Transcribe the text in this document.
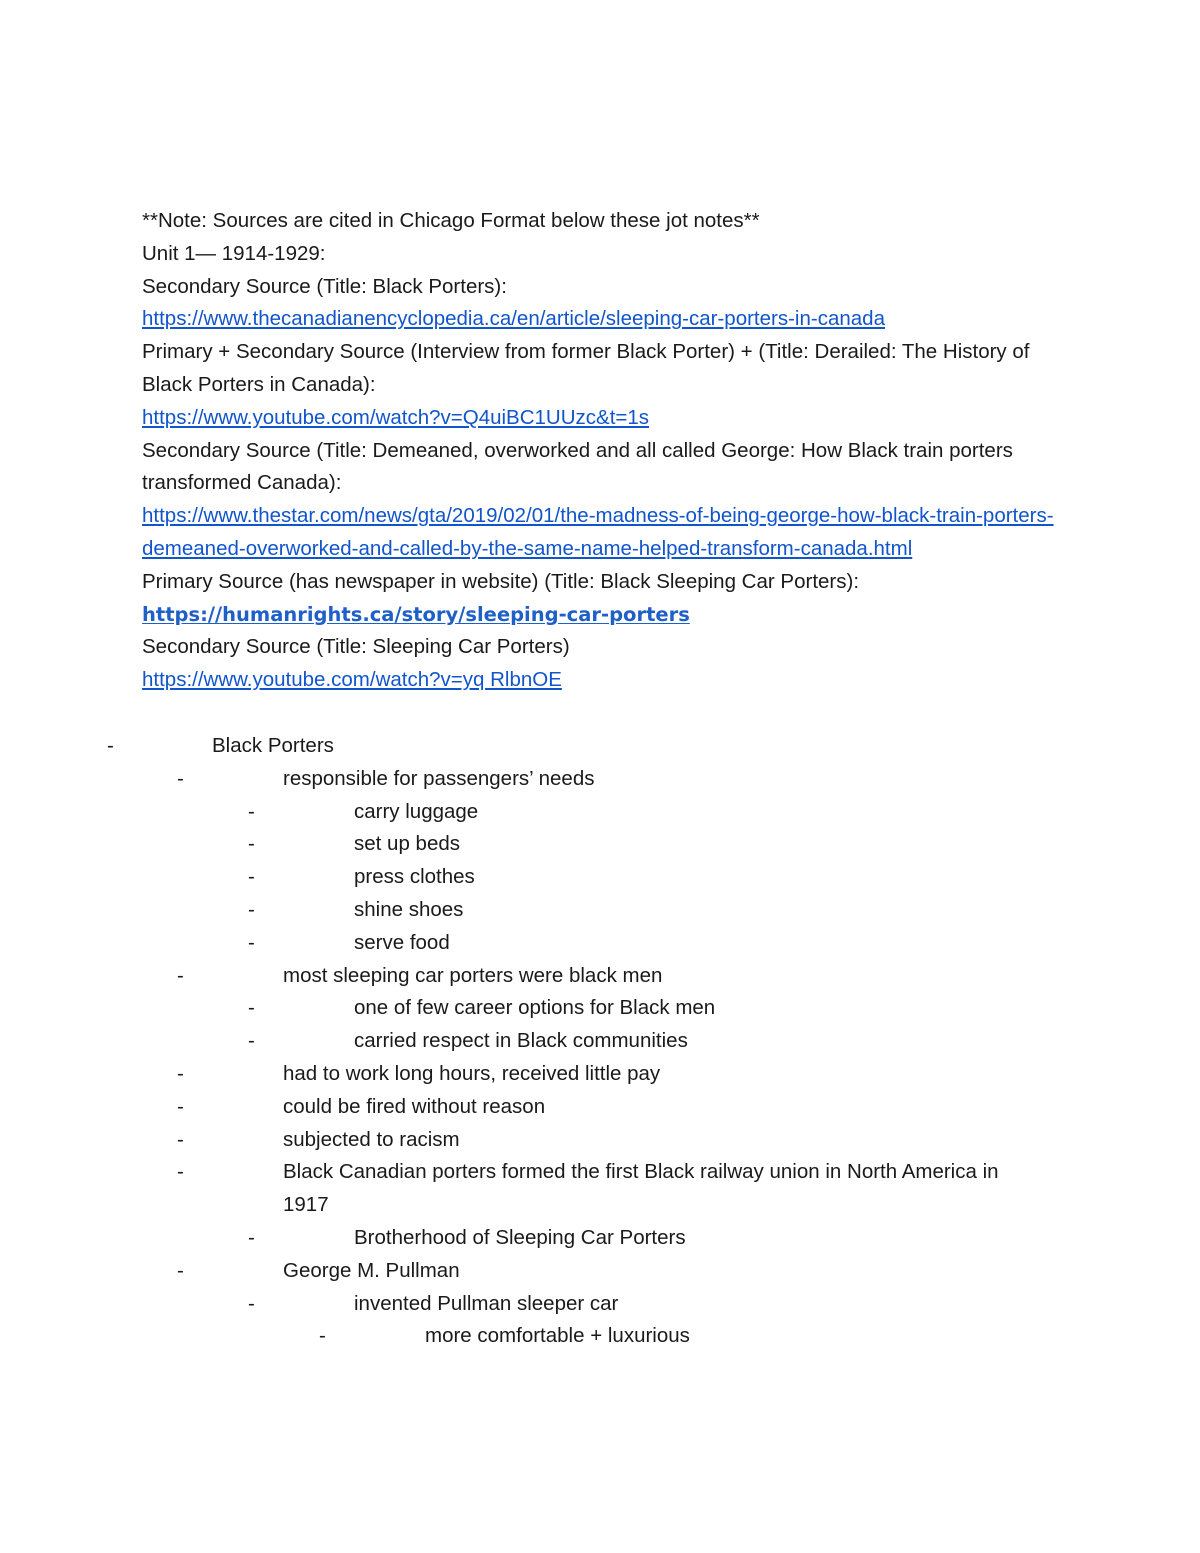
**Note: Sources are cited in Chicago Format below these jot notes**
Unit 1— 1914-1929:
Secondary Source (Title: Black Porters):
https://www.thecanadianencyclopedia.ca/en/article/sleeping-car-porters-in-canada
Primary + Secondary Source (Interview from former Black Porter) + (Title: Derailed: The History of Black Porters in Canada):
https://www.youtube.com/watch?v=Q4uiBC1UUzc&t=1s
Secondary Source (Title: Demeaned, overworked and all called George: How Black train porters transformed Canada):
https://www.thestar.com/news/gta/2019/02/01/the-madness-of-being-george-how-black-train-porters-demeaned-overworked-and-called-by-the-same-name-helped-transform-canada.html
Primary Source (has newspaper in website) (Title: Black Sleeping Car Porters):
https://humanrights.ca/story/sleeping-car-porters
Secondary Source (Title: Sleeping Car Porters)
https://www.youtube.com/watch?v=yq RlbnOE
-	Black Porters
-	responsible for passengers’ needs
-	carry luggage
-	set up beds
-	press clothes
-	shine shoes
-	serve food
-	most sleeping car porters were black men
-	one of few career options for Black men
-	carried respect in Black communities
-	had to work long hours, received little pay
-	could be fired without reason
-	subjected to racism
-	Black Canadian porters formed the first Black railway union in North America in 1917
-	Brotherhood of Sleeping Car Porters
-	George M. Pullman
-	invented Pullman sleeper car
-	more comfortable + luxurious
